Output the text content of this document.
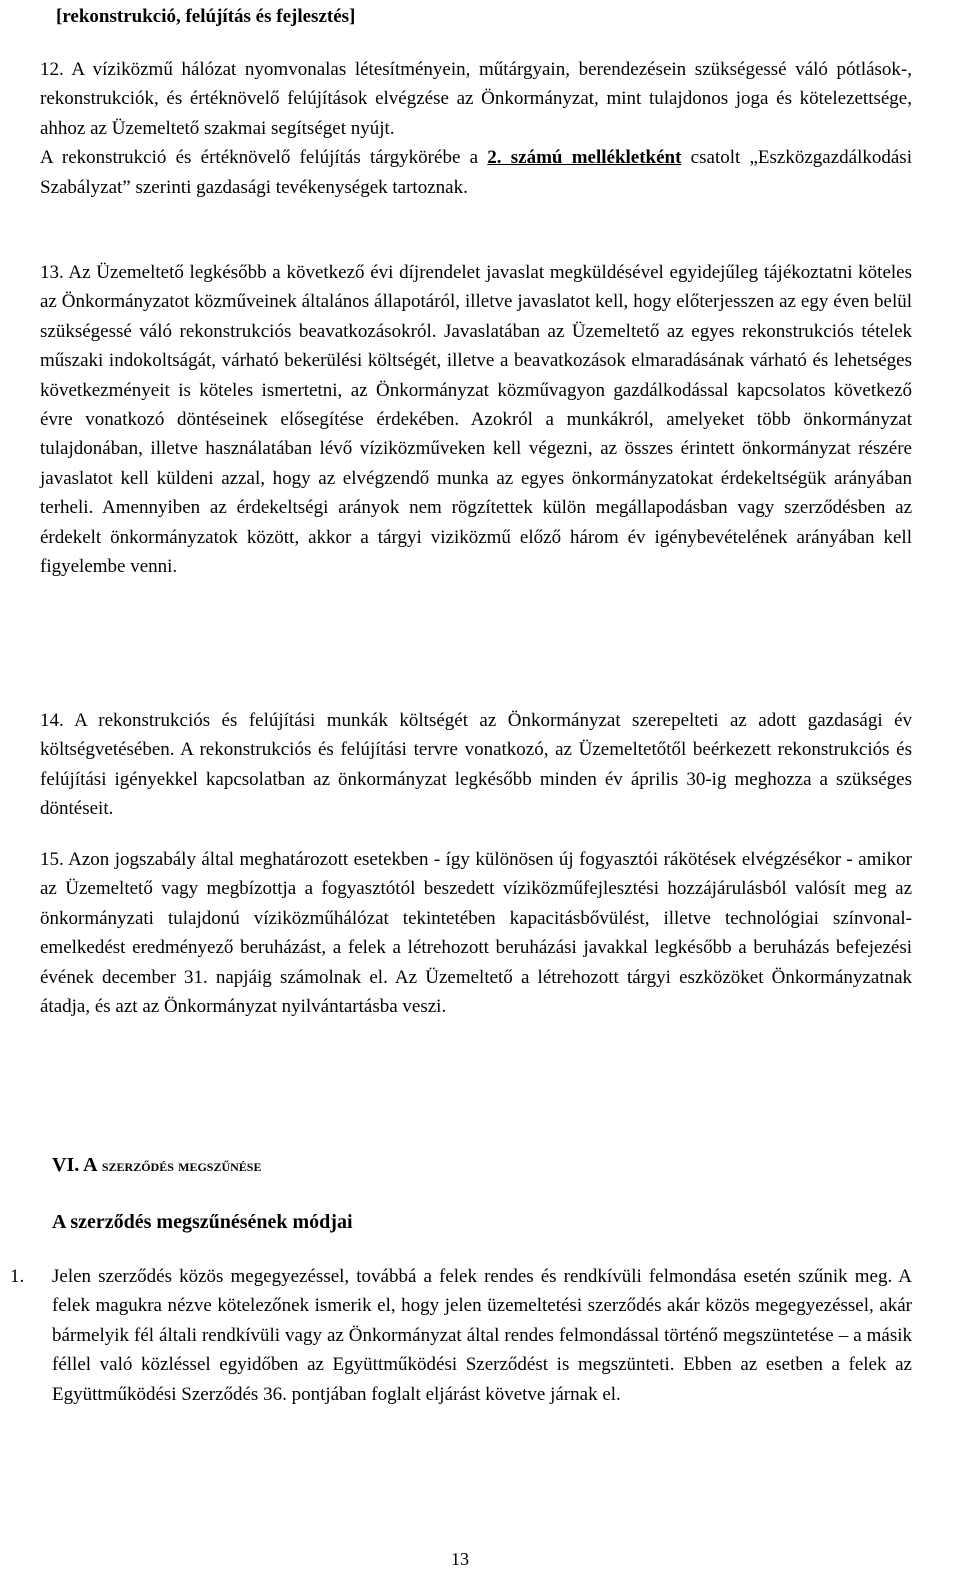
[rekonstrukció, felújítás és fejlesztés]

12. A víziközmű hálózat nyomvonalas létesítményein, műtárgyain, berendezésein szükségessé váló pótlások-, rekonstrukciók, és értéknövelő felújítások elvégzése az Önkormányzat, mint tulajdonos joga és kötelezettsége, ahhoz az Üzemeltető szakmai segítséget nyújt.

A rekonstrukció és értéknövelő felújítás tárgykörébe a 2. számú mellékletként csatolt „Eszközgazdálkodási Szabályzat” szerinti gazdasági tevékenységek tartoznak.

13. Az Üzemeltető legkésőbb a következő évi díjrendelet javaslat megküldésével egyidejűleg tájékoztatni köteles az Önkormányzatot közműveinek általános állapotáról, illetve javaslatot kell, hogy előterjesszen az egy éven belül szükségessé váló rekonstrukciós beavatkozásokról. Javaslatában az Üzemeltető az egyes rekonstrukciós tételek műszaki indokoltságát, várható bekerülési költségét, illetve a beavatkozások elmaradásának várható és lehetséges következményeit is köteles ismertetni, az Önkormányzat közművagyon gazdálkodással kapcsolatos következő évre vonatkozó döntéseinek elősegítése érdekében. Azokról a munkákról, amelyeket több önkormányzat tulajdonában, illetve használatában lévő víziközműveken kell végezni, az összes érintett önkormányzat részére javaslatot kell küldeni azzal, hogy az elvégzendő munka az egyes önkormányzatokat érdekeltségük arányában terheli. Amennyiben az érdekeltségi arányok nem rögzítettek külön megállapodásban vagy szerződésben az érdekelt önkormányzatok között, akkor a tárgyi viziközmű előző három év igénybevételének arányában kell figyelembe venni.

14. A rekonstrukciós és felújítási munkák költségét az Önkormányzat szerepelteti az adott gazdasági év költségvetésében. A rekonstrukciós és felújítási tervre vonatkozó, az Üzemeltetőtől beérkezett rekonstrukciós és felújítási igényekkel kapcsolatban az önkormányzat legkésőbb minden év április 30-ig meghozza a szükséges döntéseit.

15. Azon jogszabály által meghatározott esetekben - így különösen új fogyasztói rákötések elvégzésékor - amikor az Üzemeltető vagy megbízottja a fogyasztótól beszedett víziközműfejlesztési hozzájárulásból valósít meg az önkormányzati tulajdonú víziközműhálózat tekintetében kapacitásbővülést, illetve technológiai színvonal-emelkedést eredményező beruházást, a felek a létrehozott beruházási javakkal legkésőbb a beruházás befejezési évének december 31. napjáig számolnak el. Az Üzemeltető a létrehozott tárgyi eszközöket Önkormányzatnak átadja, és azt az Önkormányzat nyilvántartásba veszi.

VI. A szerződés megszűnése
A szerződés megszűnésének módjai
1. Jelen szerződés közös megegyezéssel, továbbá a felek rendes és rendkívüli felmondása esetén szűnik meg. A felek magukra nézve kötelezőnek ismerik el, hogy jelen üzemeltetési szerződés akár közös megegyezéssel, akár bármelyik fél általi rendkívüli vagy az Önkormányzat által rendes felmondással történő megszüntetése – a másik féllel való közléssel egyidőben az Együttműködési Szerződést is megszünteti. Ebben az esetben a felek az Együttműködési Szerződés 36. pontjában foglalt eljárást követve járnak el.

13
